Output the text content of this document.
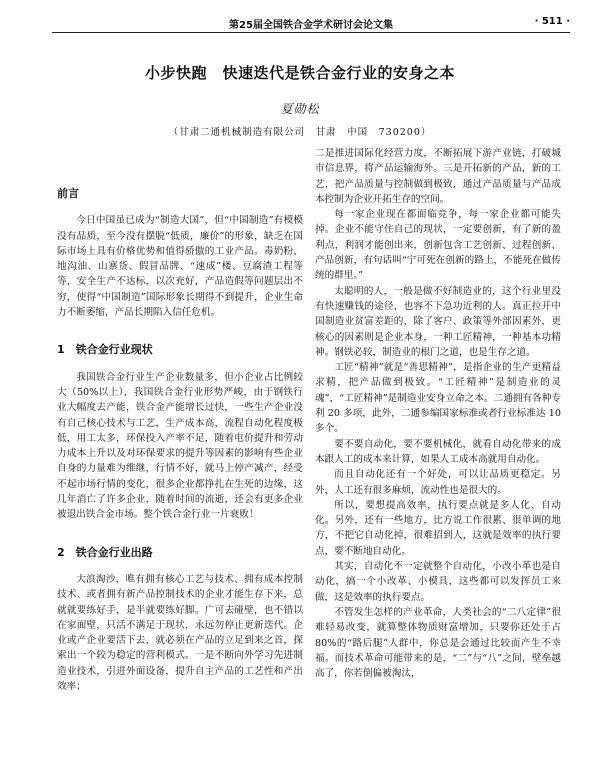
第25届全国铁合金学术研讨会论文集	· 511 ·
小步快跑　快速迭代是铁合金行业的安身之本
夏勋松
（甘肃二通机械制造有限公司　甘肃　中国　730200）
前言

今日中国虽已成为“制造大国”，但“中国制造”有模模没有品质，至今没有摆脱“低质，廉价”的形象，缺乏在国际市场上具有价格优势和值得骄傲的工业产品。毒奶粉、地沟油、山寨货、假冒品牌、“速成”楼、豆腐渣工程等等，安全生产不达标，以次充好，产品造假等问题层出不穷，使得“中国制造”国际形象长期得不到提升，企业生命力不断萎缩，产品长期陷入信任危机。

1　铁合金行业现状

我国铁合金行业生产企业数量多，但小企业占比例较大（50%以上），我国铁合金行业形势严峻，由于钢铁行业大幅度去产能，铁合金产能增长过快，一些生产企业没有自己核心技术与工艺，生产成本高，流程自动化程度极低，用工太多，环保投入产率不足，随着电价提升和劳动力成本上升以及对环保要求的提升等因素的影响有些企业自身的力量难为维继，行情不好，就马上停产减产，经受不起市场行情的变化，很多企业都挣扎在生死的边缘，这几年消亡了许多企业，随着时间的流逝，还会有更多企业被退出铁合金市场。整个铁合金行业一片衰败！

2　铁合金行业出路

大浪淘沙，唯有拥有核心工艺与技术、拥有成本控制技术、或者拥有新产品控制技术的企业才能生存下来，总就就要练好手，是半就要练好脚。广可去碰壁，也不错以在家面壁，只活不满足于现状，永远勿停止更新迭代。企业或产企业要活下去，就必须在产品的立足到来之首，探索出一个较为稳定的营利模式。一是不断向外学习先进制造业技术，引进外面设备，提升自主产品的工艺性和产出效率；

二是推进国际化经营力度，不断拓展下游产业链，打破城市信息界，将产品运输海外。三是开拓新的产品，新的工艺，把产品质量与控制做到极致，通过产品质量与产品成本控制为企业开拓生存的空间。

每一家企业现在都面临竞争，每一家企业都可能失掉。企业不能守住自己的现状，一定要创新，有了新的盈利点，利润才能创出来，创新包含工艺创新、过程创新、产品创新，有句话叫“宁可死在创新的路上，不能死在做传统的群里。”

太聪明的人，一般是做不好制造业的，这个行业里没有快速赚钱的途径，也容不下急功近利的人。真正拉开中国制造业贫富差距的，除了客户、政策等外部因素外，更核心的因素则是企业本身，一种工匠精神，一种基本功精神。钢铁必较，制造业的根门之道，也是生存之道。

工匠“精神”就是“善思精神”，是指企业的生产更精益求精，把产品做到极致。“工匠精神”是制造业的灵魂”，“工匠精神”是制造业安身立命之本。二通拥有各种专利 20 多项，此外，二通参编国家标准或者行业标准达 10 多个。

要不要自动化，要不要机械化，就看自动化带来的成本跟人工的成本来计算，如果人工成本高就用自动化。

而且自动化还有一个好处，可以让品质更稳定。另外，人工还有很多麻烦，流动性也是很大的。

所以，要想提高效率，执行要点就是多人化、自动化。另外，还有一些地方，比方说工作很累、很单调的地方，不把它自动化掉，很难招到人，这就是效率的执行要点，要不断地自动化。

其实，自动化不一定就整个自动化，小改小革也是自动化，搞一个小改革、小模具，这些都可以发挥员工来做，这是效率的执行要点。

不管发生怎样的产业革命，人类社会的“二八定律”很难轻易改变，就算整体物质财富增加，只要你还处于占 80%的“路后腿”人群中，你总是会通过比较而产生不幸福。而技术革命可能带来的是，“二”与“八”之间，壁垒越高了，你若倒偏被淘汰，
